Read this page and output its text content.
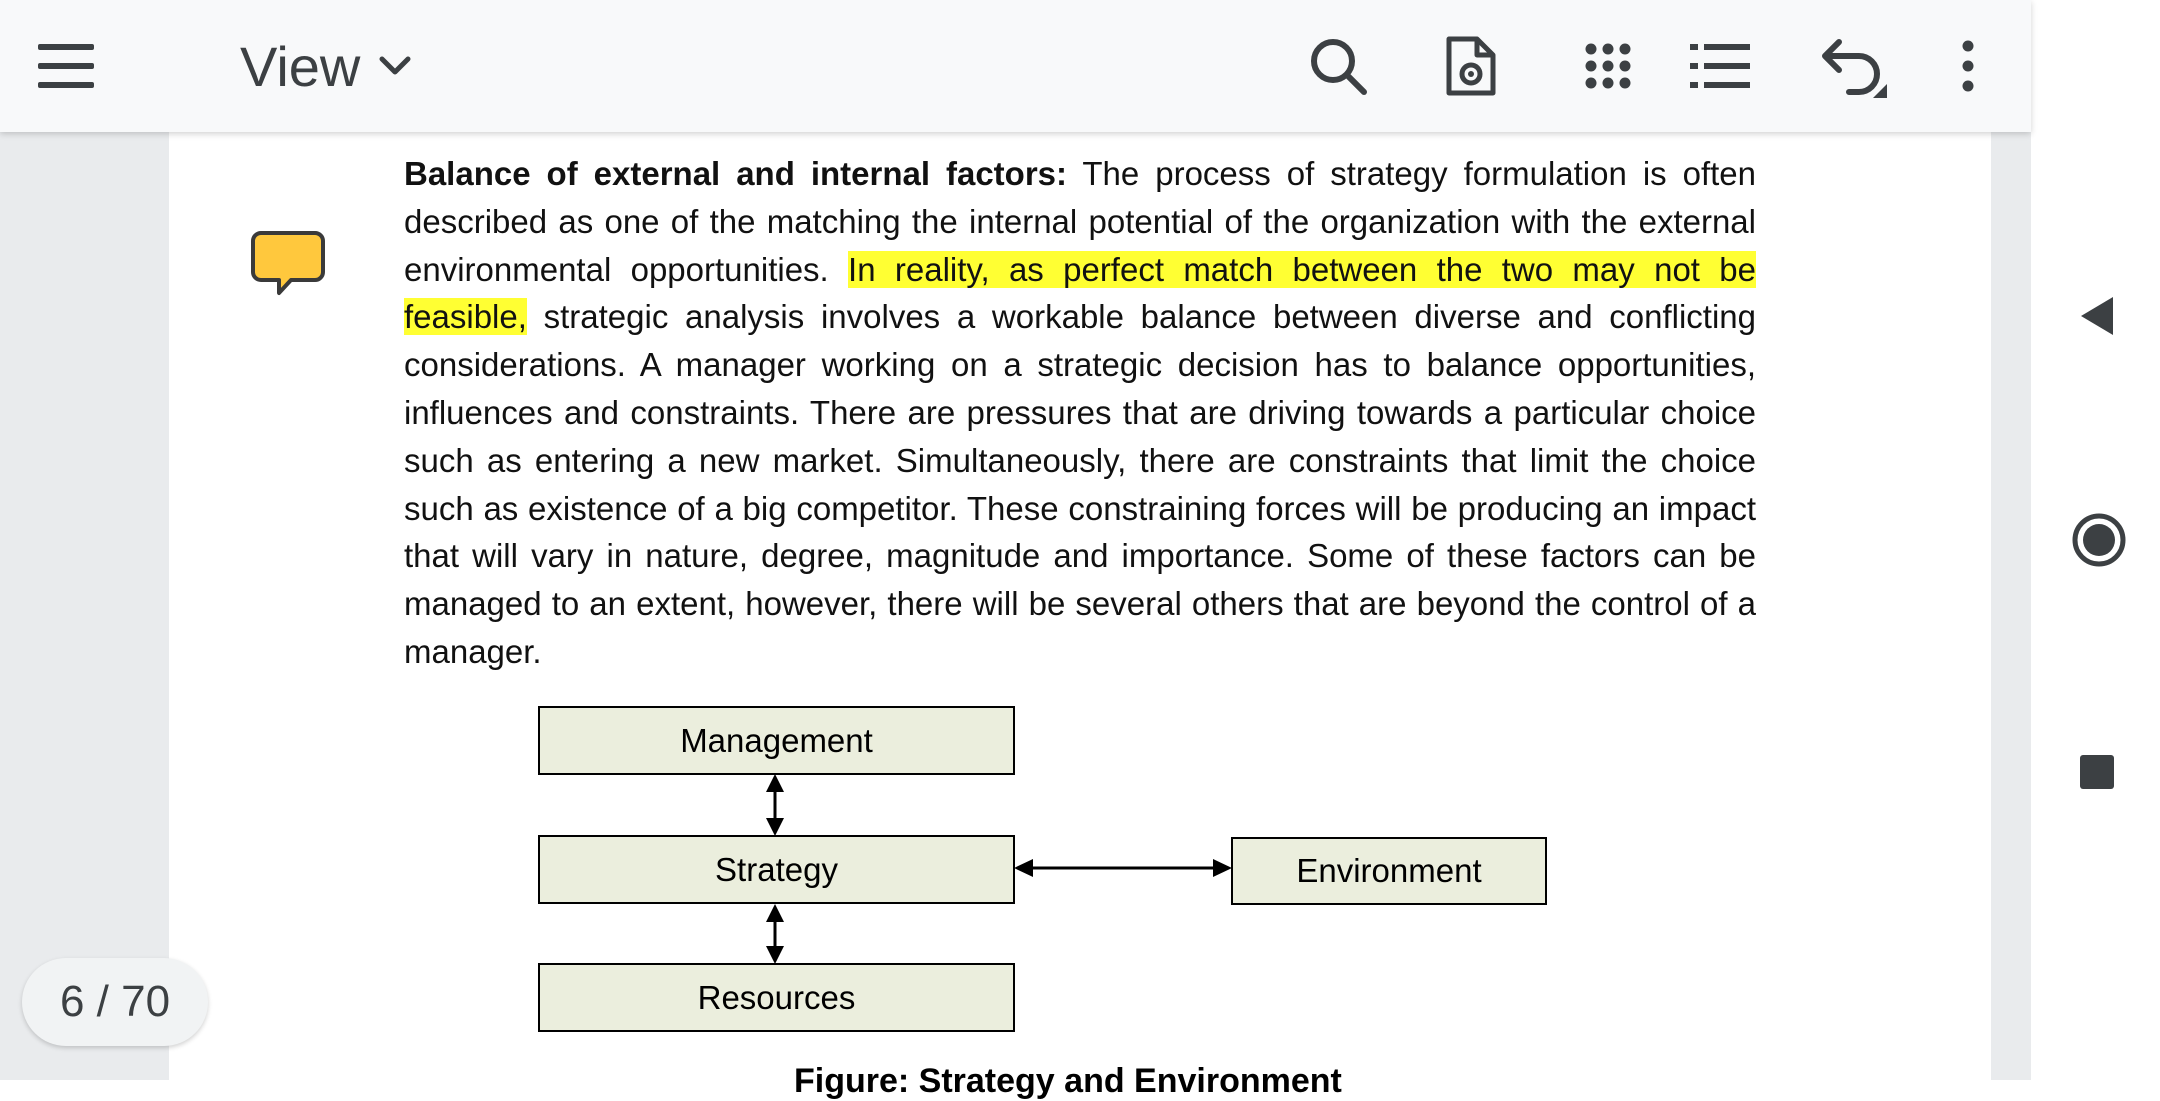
View

Balance of external and internal factors: The process of strategy formulation is often described as one of the matching the internal potential of the organization with the external environmental opportunities. In reality, as perfect match between the two may not be feasible, strategic analysis involves a workable balance between diverse and conflicting considerations. A manager working on a strategic decision has to balance opportunities, influences and constraints. There are pressures that are driving towards a particular choice such as entering a new market. Simultaneously, there are constraints that limit the choice such as existence of a big competitor. These constraining forces will be producing an impact that will vary in nature, degree, magnitude and importance. Some of these factors can be managed to an extent, however, there will be several others that are beyond the control of a manager.

Management
Strategy	Environment
Resources
Figure: Strategy and Environment
6 / 70
